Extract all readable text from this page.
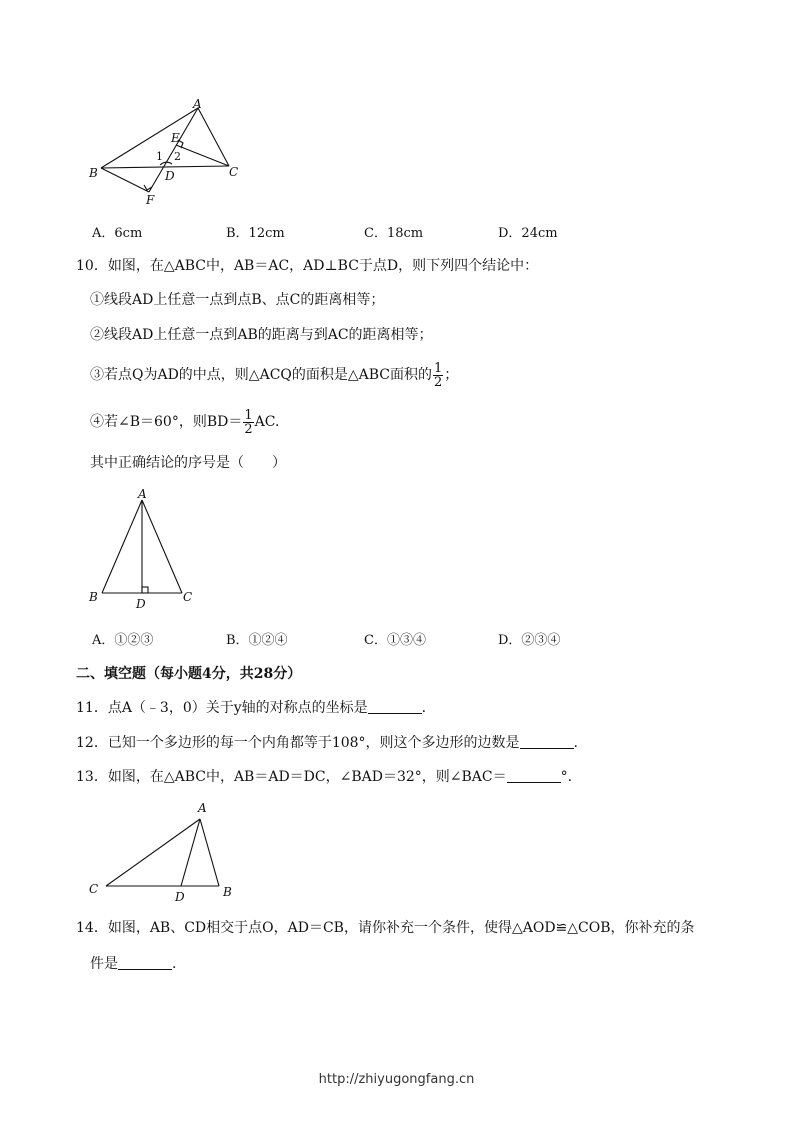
A
E
B	C
D
F
1 2
A．6cm	B．12cm	C．18cm	D．24cm
10．如图，在△ABC中，AB＝AC，AD⊥BC于点D，则下列四个结论中：
①线段AD上任意一点到点B、点C的距离相等；
②线段AD上任意一点到AB的距离与到AC的距离相等；
③若点Q为AD的中点，则△ACQ的面积是△ABC面积的 $\frac{1}{2}$ ；
④若∠B＝60°，则$BD= \frac{1}{2}$ AC.
其中正确结论的序号是（　　）
A
B	C
D
A．①②③	B．①②④	C．①③④	D．②③④
二、填空题（每小题4分，共28分）
11．点A（﹣3，0）关于y轴的对称点的坐标是	.
12．已知一个多边形的每一个内角都等于108°，则这个多边形的边数是	.
13．如图，在△ABC中，AB＝AD＝DC，∠BAD＝32°，则∠BAC＝	°.
A
C
D	B
14．如图，AB、CD相交于点O，AD＝CB，请你补充一个条件，使得△AOD≌△COB，你补充的条
件是	.
http://zhiyugongfang.cn
